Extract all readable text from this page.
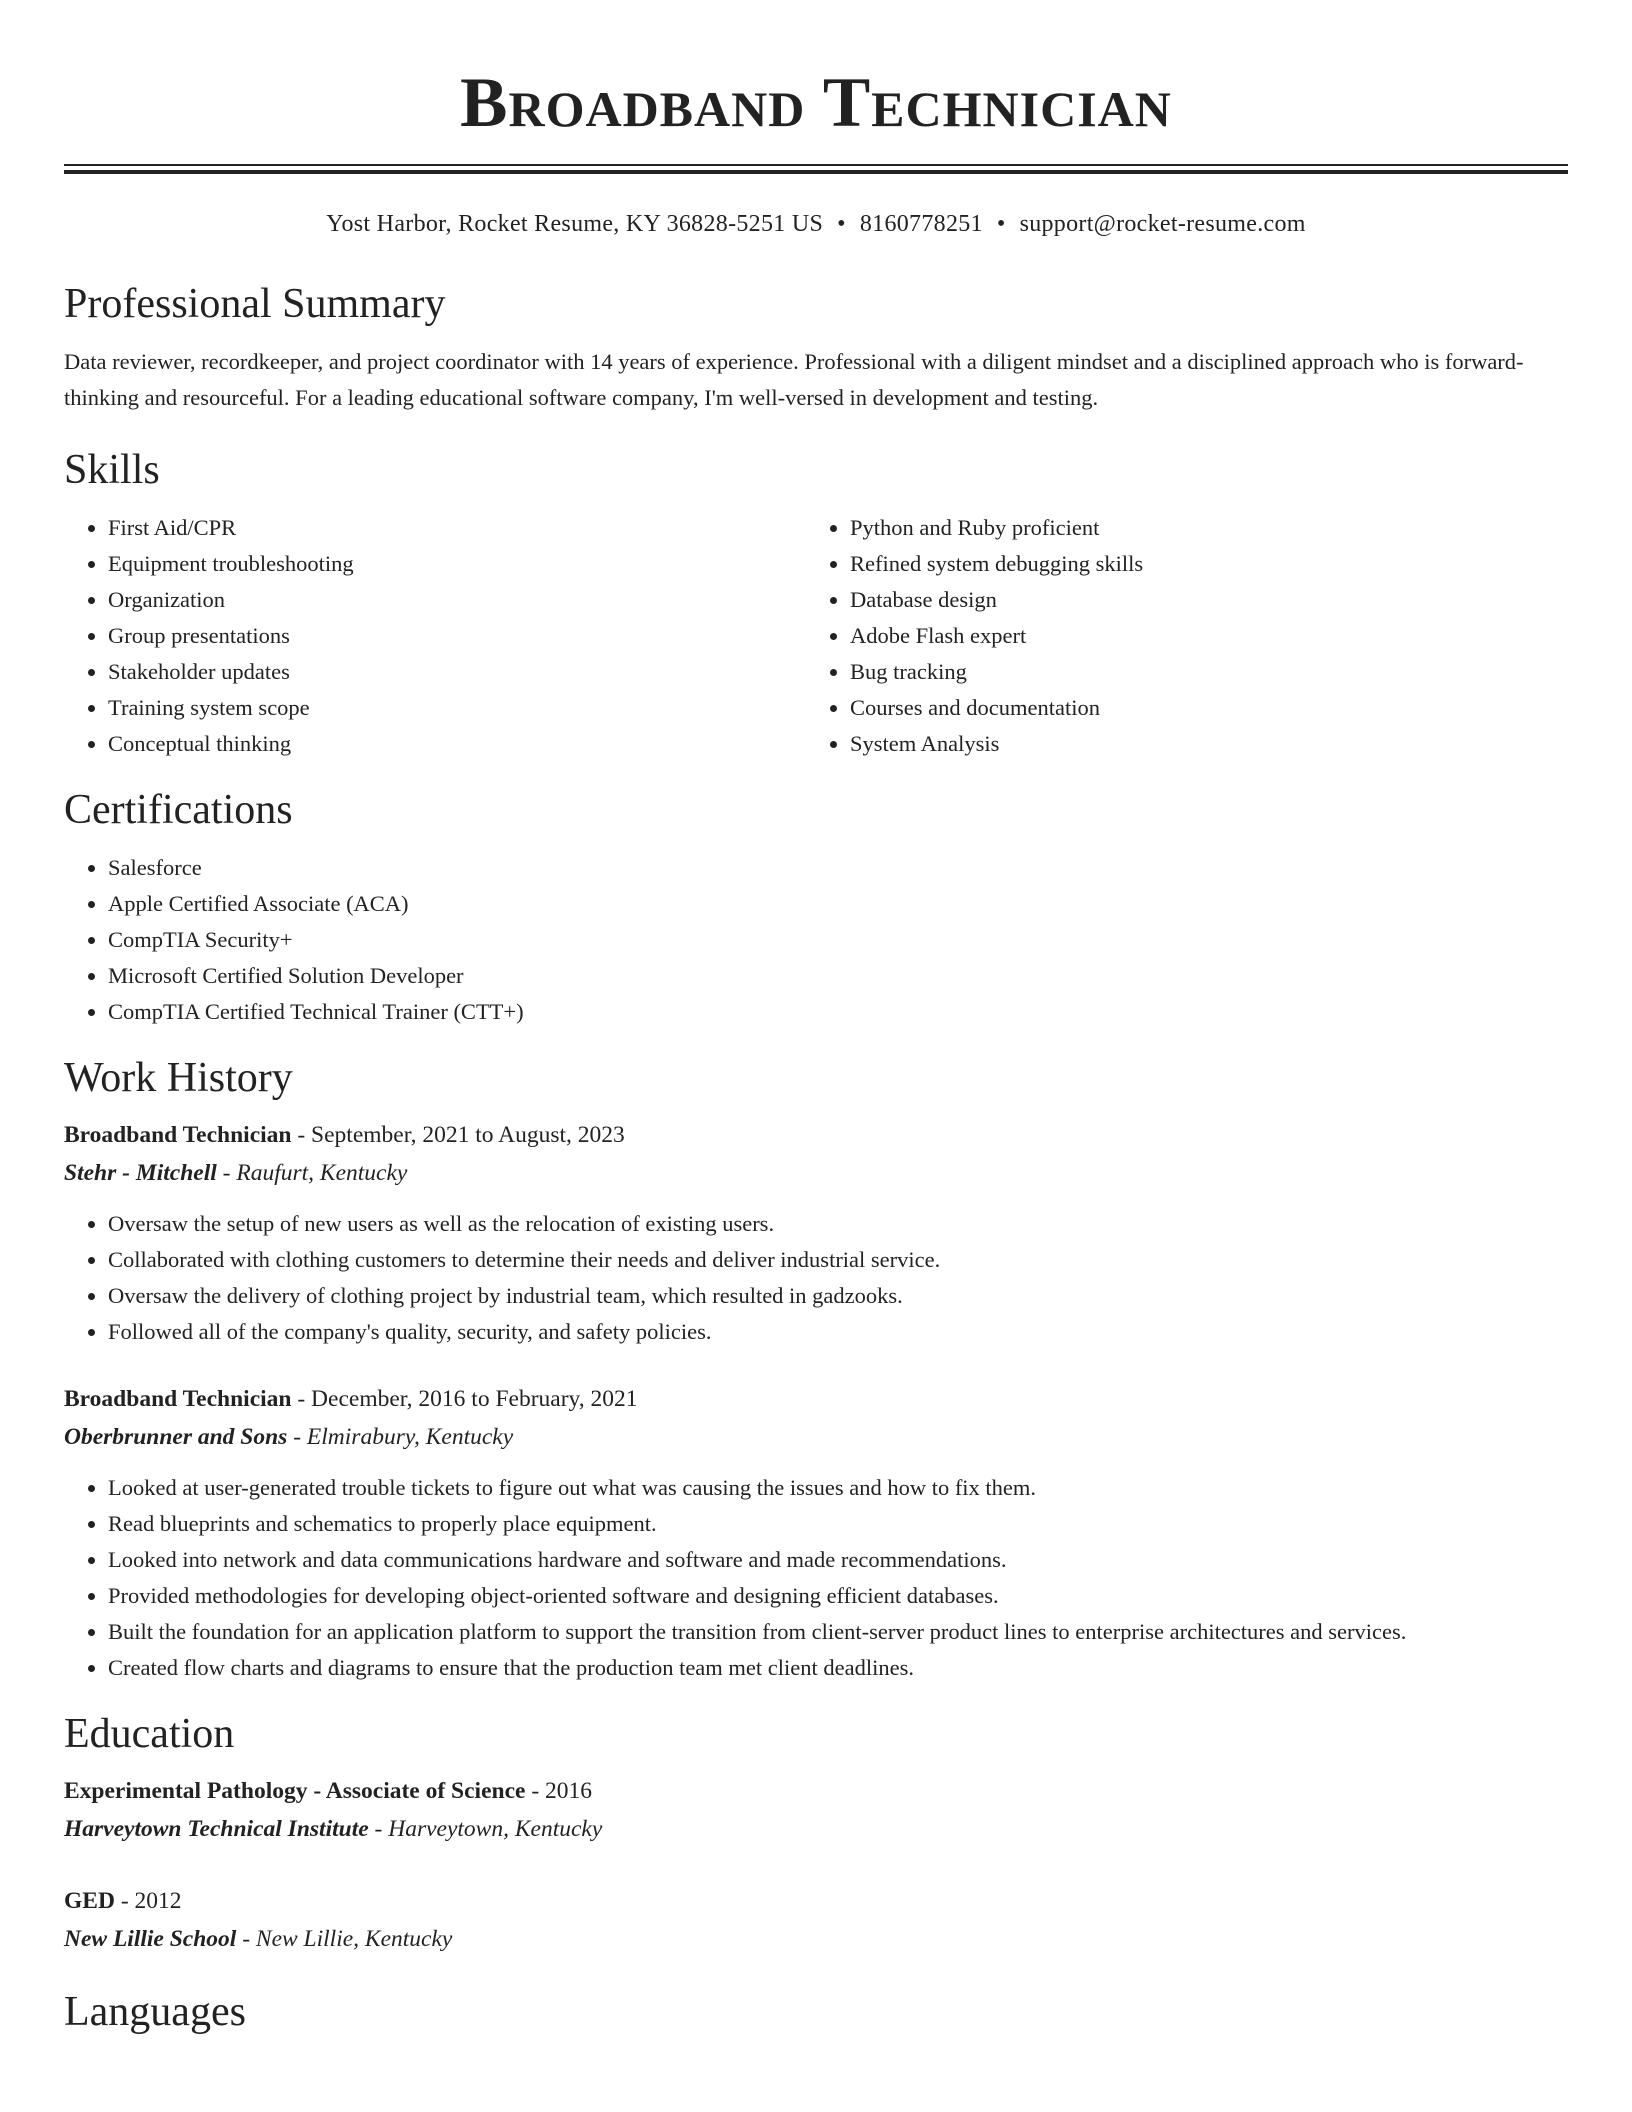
Broadband Technician
Yost Harbor, Rocket Resume, KY 36828-5251 US • 8160778251 • support@rocket-resume.com
Professional Summary
Data reviewer, recordkeeper, and project coordinator with 14 years of experience. Professional with a diligent mindset and a disciplined approach who is forward-thinking and resourceful. For a leading educational software company, I'm well-versed in development and testing.
Skills
• First Aid/CPR
• Equipment troubleshooting
• Organization
• Group presentations
• Stakeholder updates
• Training system scope
• Conceptual thinking
• Python and Ruby proficient
• Refined system debugging skills
• Database design
• Adobe Flash expert
• Bug tracking
• Courses and documentation
• System Analysis
Certifications
• Salesforce
• Apple Certified Associate (ACA)
• CompTIA Security+
• Microsoft Certified Solution Developer
• CompTIA Certified Technical Trainer (CTT+)
Work History
Broadband Technician - September, 2021 to August, 2023
Stehr - Mitchell - Raufurt, Kentucky
• Oversaw the setup of new users as well as the relocation of existing users.
• Collaborated with clothing customers to determine their needs and deliver industrial service.
• Oversaw the delivery of clothing project by industrial team, which resulted in gadzooks.
• Followed all of the company's quality, security, and safety policies.
Broadband Technician - December, 2016 to February, 2021
Oberbrunner and Sons - Elmirabury, Kentucky
• Looked at user-generated trouble tickets to figure out what was causing the issues and how to fix them.
• Read blueprints and schematics to properly place equipment.
• Looked into network and data communications hardware and software and made recommendations.
• Provided methodologies for developing object-oriented software and designing efficient databases.
• Built the foundation for an application platform to support the transition from client-server product lines to enterprise architectures and services.
• Created flow charts and diagrams to ensure that the production team met client deadlines.
Education
Experimental Pathology - Associate of Science - 2016
Harveytown Technical Institute - Harveytown, Kentucky
GED - 2012
New Lillie School - New Lillie, Kentucky
Languages
